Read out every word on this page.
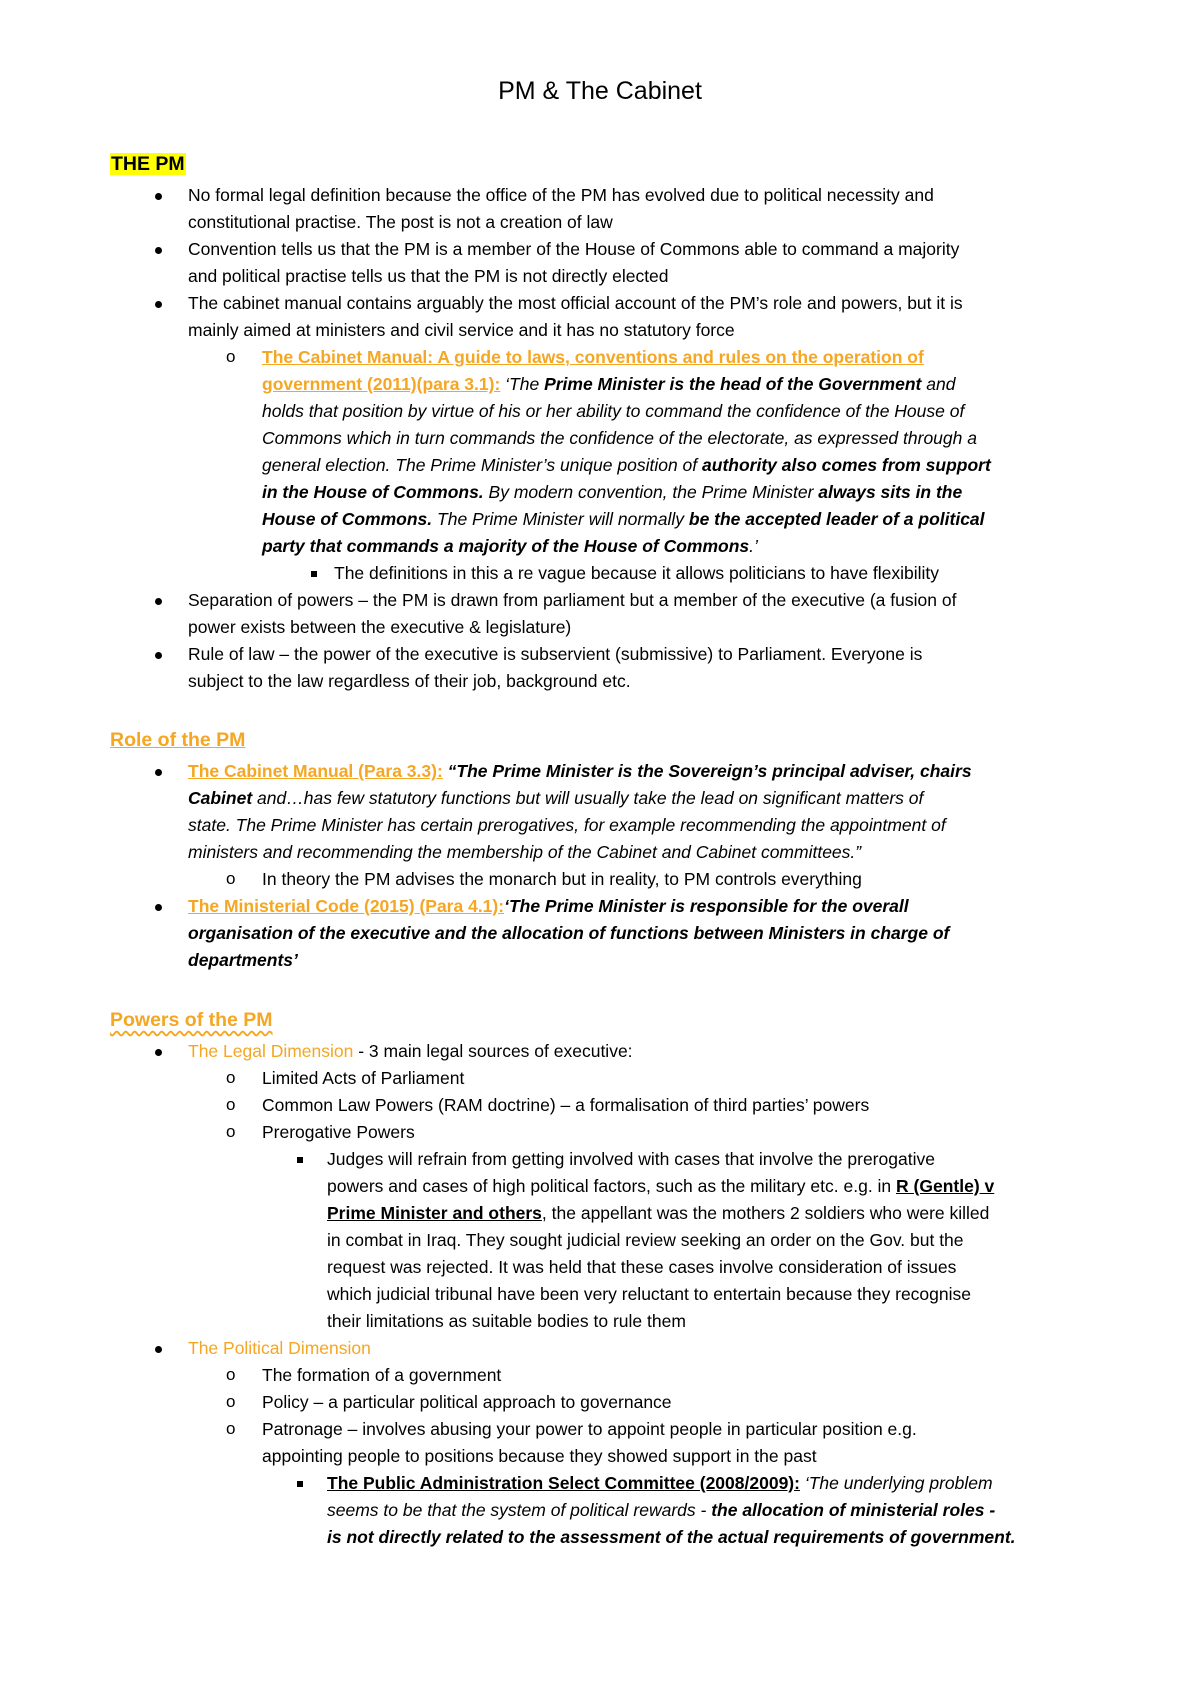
PM & The Cabinet
THE PM
No formal legal definition because the office of the PM has evolved due to political necessity and
constitutional practise. The post is not a creation of law
Convention tells us that the PM is a member of the House of Commons able to command a majority
and political practise tells us that the PM is not directly elected
The cabinet manual contains arguably the most official account of the PM’s role and powers, but it is
mainly aimed at ministers and civil service and it has no statutory force
o The Cabinet Manual: A guide to laws, conventions and rules on the operation of
government (2011)(para 3.1): ‘The Prime Minister is the head of the Government and
holds that position by virtue of his or her ability to command the confidence of the House of
Commons which in turn commands the confidence of the electorate, as expressed through a
general election. The Prime Minister’s unique position of authority also comes from support
in the House of Commons. By modern convention, the Prime Minister always sits in the
House of Commons. The Prime Minister will normally be the accepted leader of a political
party that commands a majority of the House of Commons.’
The definitions in this a re vague because it allows politicians to have flexibility
Separation of powers – the PM is drawn from parliament but a member of the executive (a fusion of
power exists between the executive & legislature)
Rule of law – the power of the executive is subservient (submissive) to Parliament. Everyone is
subject to the law regardless of their job, background etc.
Role of the PM
The Cabinet Manual (Para 3.3): “The Prime Minister is the Sovereign’s principal adviser, chairs
Cabinet and…has few statutory functions but will usually take the lead on significant matters of
state. The Prime Minister has certain prerogatives, for example recommending the appointment of
ministers and recommending the membership of the Cabinet and Cabinet committees.”
o In theory the PM advises the monarch but in reality, to PM controls everything
The Ministerial Code (2015) (Para 4.1):‘The Prime Minister is responsible for the overall
organisation of the executive and the allocation of functions between Ministers in charge of
departments’
Powers of the PM
The Legal Dimension - 3 main legal sources of executive:
o Limited Acts of Parliament
o Common Law Powers (RAM doctrine) – a formalisation of third parties’ powers
o Prerogative Powers
Judges will refrain from getting involved with cases that involve the prerogative
powers and cases of high political factors, such as the military etc. e.g. in R (Gentle) v
Prime Minister and others, the appellant was the mothers 2 soldiers who were killed
in combat in Iraq. They sought judicial review seeking an order on the Gov. but the
request was rejected. It was held that these cases involve consideration of issues
which judicial tribunal have been very reluctant to entertain because they recognise
their limitations as suitable bodies to rule them
The Political Dimension
o The formation of a government
o Policy – a particular political approach to governance
o Patronage – involves abusing your power to appoint people in particular position e.g.
appointing people to positions because they showed support in the past
The Public Administration Select Committee (2008/2009): ‘The underlying problem
seems to be that the system of political rewards - the allocation of ministerial roles -
is not directly related to the assessment of the actual requirements of government.
